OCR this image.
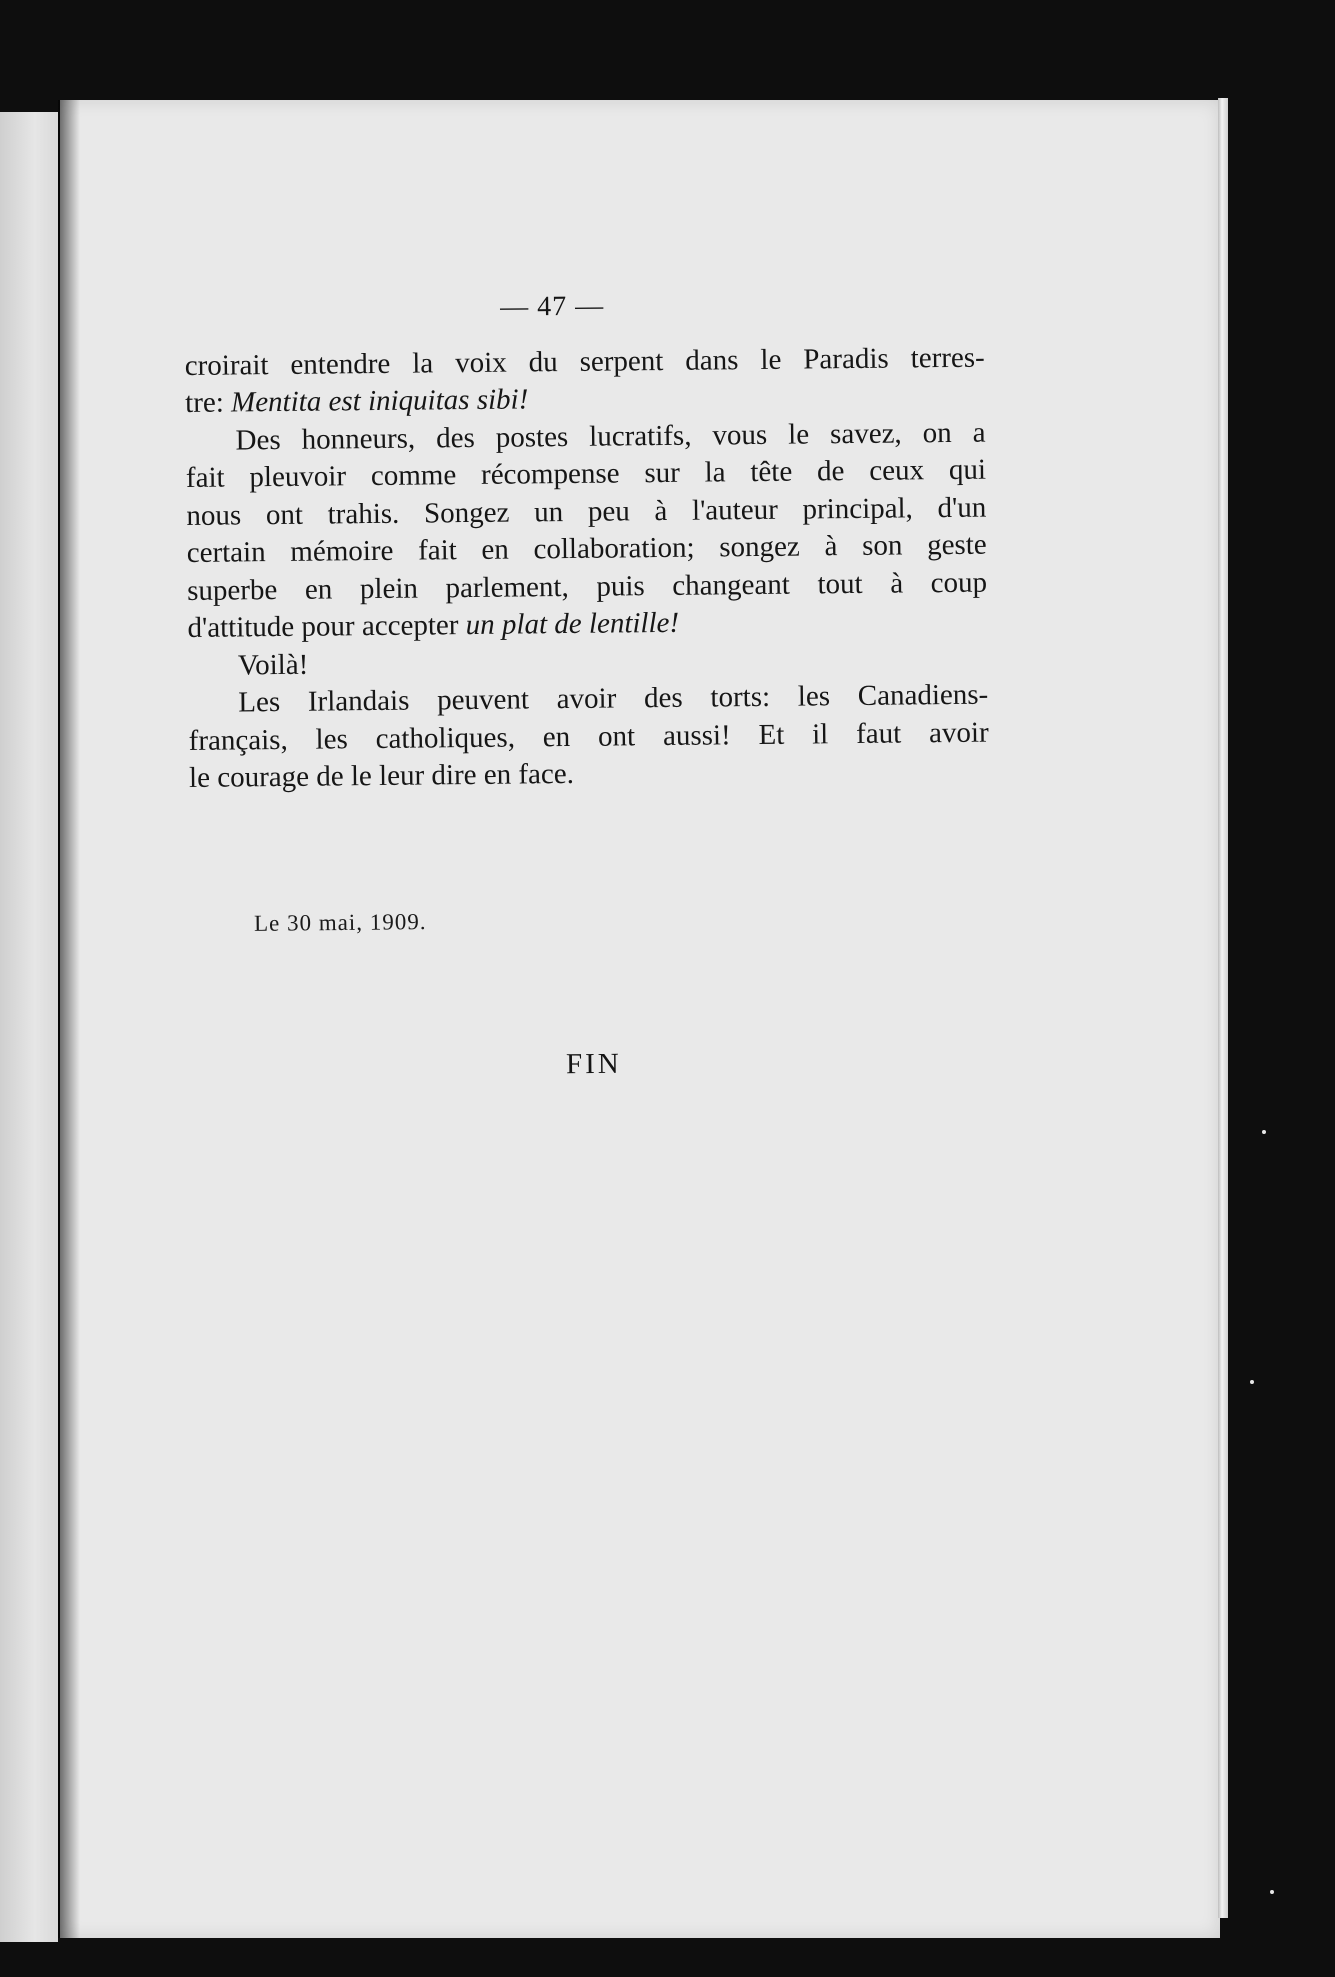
— 47 —
croirait entendre la voix du serpent dans le Paradis terres-
tre: Mentita est iniquitas sibi!
Des honneurs, des postes lucratifs, vous le savez, on a
fait pleuvoir comme récompense sur la tête de ceux qui
nous ont trahis. Songez un peu à l'auteur principal, d'un
certain mémoire fait en collaboration; songez à son geste
superbe en plein parlement, puis changeant tout à coup
d'attitude pour accepter un plat de lentille!
Voilà!
Les Irlandais peuvent avoir des torts: les Canadiens-
français, les catholiques, en ont aussi! Et il faut avoir
le courage de le leur dire en face.
Le 30 mai, 1909.
FIN
